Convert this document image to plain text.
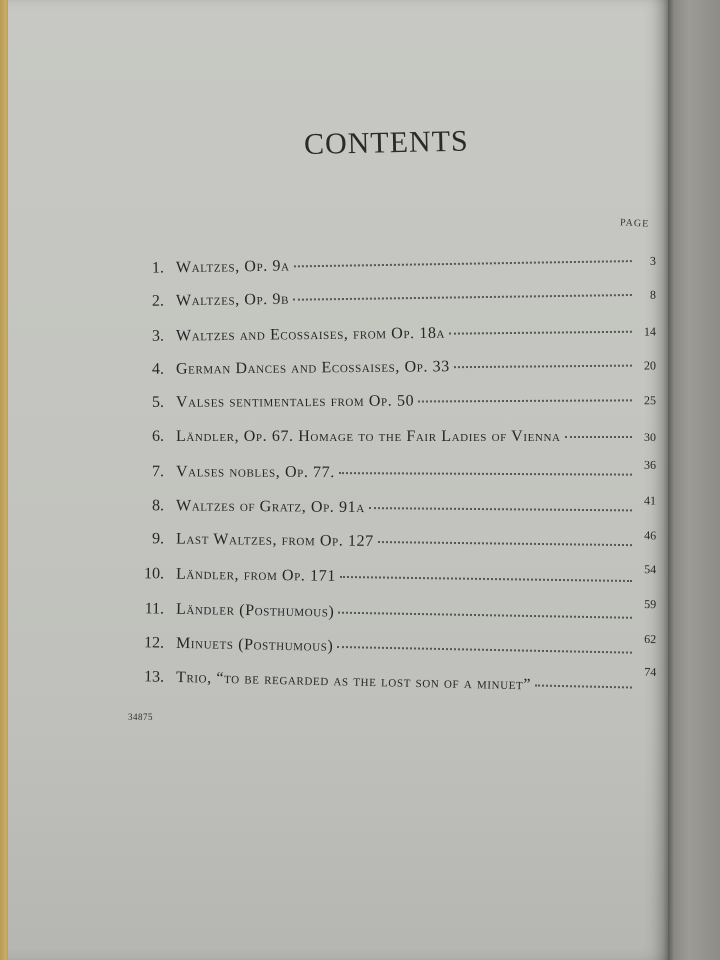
CONTENTS
PAGE
1. Waltzes, Op. 9a	3
2. Waltzes, Op. 9b	8
3. Waltzes and Ecossaises, from Op. 18a	14
4. German Dances and Ecossaises, Op. 33	20
5. Valses sentimentales from Op. 50	25
6. Ländler, Op. 67. Homage to the Fair Ladies of Vienna	30
7. Valses nobles, Op. 77.	36
8. Waltzes of Gratz, Op. 91a	41
9. Last Waltzes, from Op. 127	46
10. Ländler, from Op. 171	54
11. Ländler (Posthumous)	59
12. Minuets (Posthumous)	62
13. Trio, “to be regarded as the lost son of a minuet”	74
34875
